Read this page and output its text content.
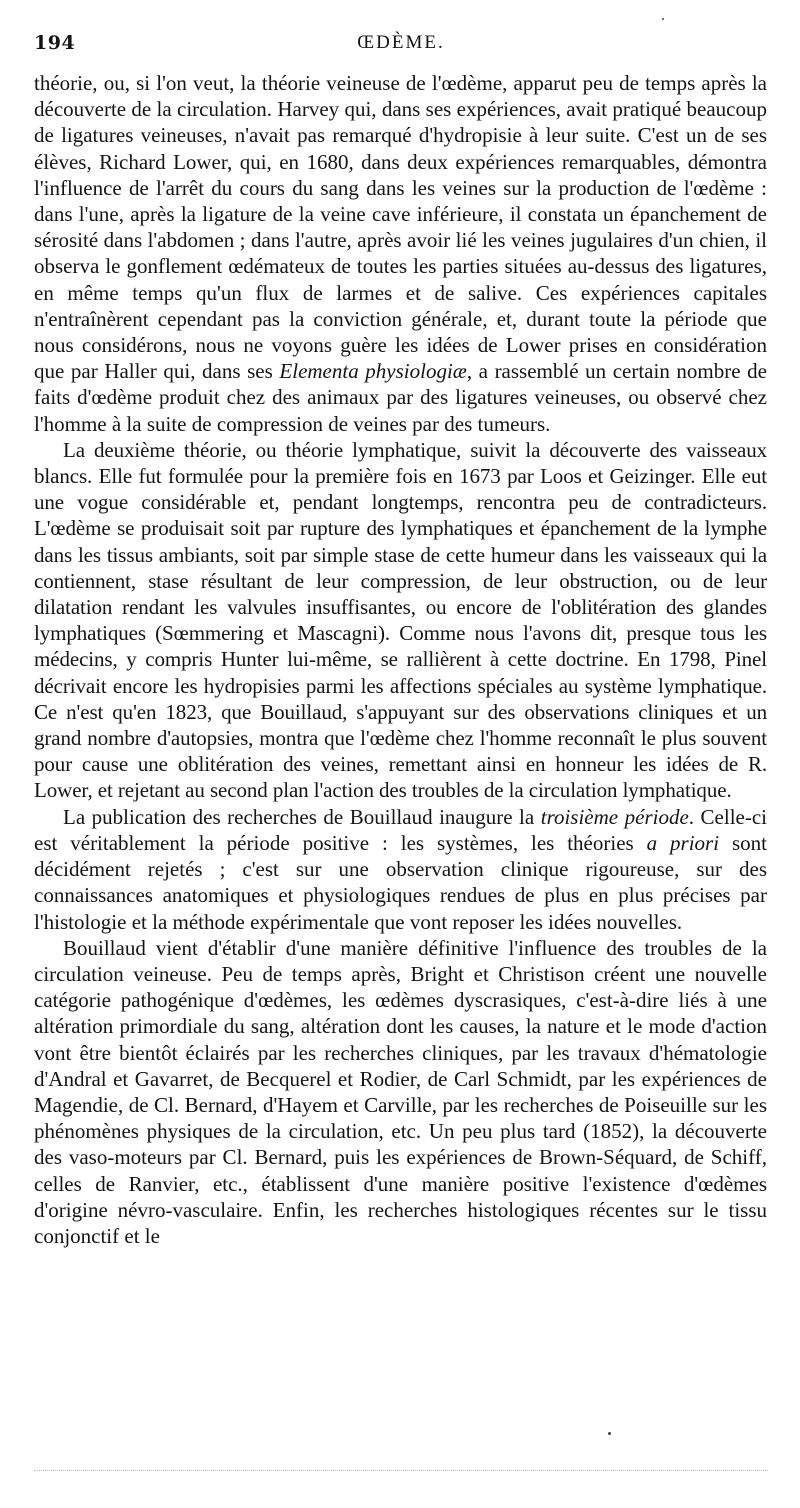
194	ŒDÈME.

théorie, ou, si l'on veut, la théorie veineuse de l'œdème, apparut peu de temps après la découverte de la circulation. Harvey qui, dans ses expériences, avait pratiqué beaucoup de ligatures veineuses, n'avait pas remarqué d'hydropisie à leur suite. C'est un de ses élèves, Richard Lower, qui, en 1680, dans deux expériences remarquables, démontra l'influence de l'arrêt du cours du sang dans les veines sur la production de l'œdème : dans l'une, après la ligature de la veine cave inférieure, il constata un épanchement de sérosité dans l'abdomen ; dans l'autre, après avoir lié les veines jugulaires d'un chien, il observa le gonflement œdémateux de toutes les parties situées au-dessus des ligatures, en même temps qu'un flux de larmes et de salive. Ces expériences capitales n'entraînèrent cependant pas la conviction générale, et, durant toute la période que nous considérons, nous ne voyons guère les idées de Lower prises en considération que par Haller qui, dans ses Elementa physiologiæ, a rassemblé un certain nombre de faits d'œdème produit chez des animaux par des ligatures veineuses, ou observé chez l'homme à la suite de compression de veines par des tumeurs.

La deuxième théorie, ou théorie lymphatique, suivit la découverte des vaisseaux blancs. Elle fut formulée pour la première fois en 1673 par Loos et Geizinger. Elle eut une vogue considérable et, pendant longtemps, rencontra peu de contradicteurs. L'œdème se produisait soit par rupture des lymphatiques et épanchement de la lymphe dans les tissus ambiants, soit par simple stase de cette humeur dans les vaisseaux qui la contiennent, stase résultant de leur compression, de leur obstruction, ou de leur dilatation rendant les valvules insuffisantes, ou encore de l'oblitération des glandes lymphatiques (Sœmmering et Mascagni). Comme nous l'avons dit, presque tous les médecins, y compris Hunter lui-même, se rallièrent à cette doctrine. En 1798, Pinel décrivait encore les hydropisies parmi les affections spéciales au système lymphatique. Ce n'est qu'en 1823, que Bouillaud, s'appuyant sur des observations cliniques et un grand nombre d'autopsies, montra que l'œdème chez l'homme reconnaît le plus souvent pour cause une oblitération des veines, remettant ainsi en honneur les idées de R. Lower, et rejetant au second plan l'action des troubles de la circulation lymphatique.

La publication des recherches de Bouillaud inaugure la troisième période. Celle-ci est véritablement la période positive : les systèmes, les théories a priori sont décidément rejetés ; c'est sur une observation clinique rigoureuse, sur des connaissances anatomiques et physiologiques rendues de plus en plus précises par l'histologie et la méthode expérimentale que vont reposer les idées nouvelles.

Bouillaud vient d'établir d'une manière définitive l'influence des troubles de la circulation veineuse. Peu de temps après, Bright et Christison créent une nouvelle catégorie pathogénique d'œdèmes, les œdèmes dyscrasiques, c'est-à-dire liés à une altération primordiale du sang, altération dont les causes, la nature et le mode d'action vont être bientôt éclairés par les recherches cliniques, par les travaux d'hématologie d'Andral et Gavarret, de Becquerel et Rodier, de Carl Schmidt, par les expériences de Magendie, de Cl. Bernard, d'Hayem et Carville, par les recherches de Poiseuille sur les phénomènes physiques de la circulation, etc. Un peu plus tard (1852), la découverte des vaso-moteurs par Cl. Bernard, puis les expériences de Brown-Séquard, de Schiff, celles de Ranvier, etc., établissent d'une manière positive l'existence d'œdèmes d'origine névro-vasculaire. Enfin, les recherches histologiques récentes sur le tissu conjonctif et le
